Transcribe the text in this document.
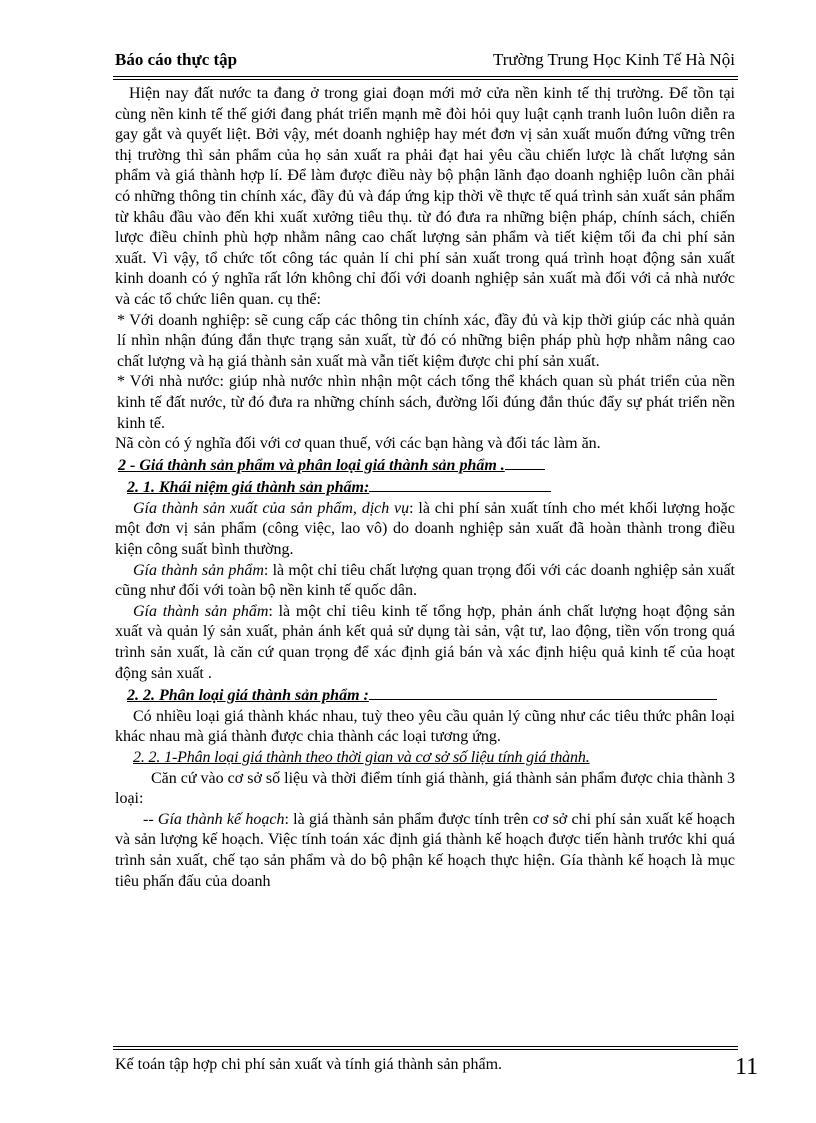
Báo cáo thực tập	Trường Trung Học Kinh Tế Hà Nội

Hiện nay đất nước ta đang ở trong giai đoạn mới mở cửa nền kinh tế thị trường. Để tồn tại cùng nền kinh tế thế giới đang phát triển mạnh mẽ đòi hỏi quy luật cạnh tranh luôn luôn diễn ra gay gắt và quyết liệt. Bởi vậy, mét doanh nghiệp hay mét đơn vị sản xuất muốn đứng vững trên thị trường thì sản phẩm của họ sản xuất ra phải đạt hai yêu cầu chiến lược là chất lượng sản phẩm và giá thành hợp lí. Để làm được điều này bộ phận lãnh đạo doanh nghiệp luôn cần phải có những thông tin chính xác, đầy đủ và đáp ứng kịp thời về thực tế quá trình sản xuất sản phẩm từ khâu đầu vào đến khi xuất xưởng tiêu thụ. từ đó đưa ra những biện pháp, chính sách, chiến lược điều chỉnh phù hợp nhằm nâng cao chất lượng sản phẩm và tiết kiệm tối đa chi phí sản xuất. Vì vậy, tổ chức tốt công tác quản lí chi phí sản xuất trong quá trình hoạt động sản xuất kinh doanh có ý nghĩa rất lớn không chỉ đối với doanh nghiệp sản xuất mà đối với cả nhà nước và các tổ chức liên quan. cụ thể:

* Với doanh nghiệp: sẽ cung cấp các thông tin chính xác, đầy đủ và kịp thời giúp các nhà quản lí nhìn nhận đúng đắn thực trạng sản xuất, từ đó có những biện pháp phù hợp nhằm nâng cao chất lượng và hạ giá thành sản xuất mà vẫn tiết kiệm được chi phí sản xuất.

* Với nhà nước: giúp nhà nước nhìn nhận một cách tổng thể khách quan sù phát triển của nền kinh tế đất nước, từ đó đưa ra những chính sách, đường lối đúng đắn thúc đẩy sự phát triển nền kinh tế.

Nã còn có ý nghĩa đối với cơ quan thuế, với các bạn hàng và đối tác làm ăn.

2 - Giá thành sản phẩm và phân loại giá thành sản phẩm .

2. 1. Khái niệm giá thành sản phẩm:

Gía thành sản xuất của sản phẩm, dịch vụ: là chi phí sản xuất tính cho mét khối lượng hoặc một đơn vị sản phẩm (công việc, lao vô) do doanh nghiệp sản xuất đã hoàn thành trong điều kiện công suất bình thường.

Gía thành sản phẩm: là một chỉ tiêu chất lượng quan trọng đối với các doanh nghiệp sản xuất cũng như đối với toàn bộ nền kinh tế quốc dân.

Gía thành sản phẩm: là một chỉ tiêu kinh tế tổng hợp, phản ánh chất lượng hoạt động sản xuất và quản lý sản xuất, phản ánh kết quả sử dụng tài sản, vật tư, lao động, tiền vốn trong quá trình sản xuất, là căn cứ quan trọng để xác định giá bán và xác định hiệu quả kinh tế của hoạt động sản xuất .

2. 2. Phân loại giá thành sản phẩm :

Có nhiều loại giá thành khác nhau, tuỳ theo yêu cầu quản lý cũng như các tiêu thức phân loại khác nhau mà giá thành được chia thành các loại tương ứng.

2. 2. 1-Phân loại giá thành theo thời gian và cơ sở số liệu tính giá thành.

Căn cứ vào cơ sở số liệu và thời điểm tính giá thành, giá thành sản phẩm được chia thành 3 loại:

-- Gía thành kế hoạch: là giá thành sản phẩm được tính trên cơ sở chi phí sản xuất kế hoạch và sản lượng kế hoạch. Việc tính toán xác định giá thành kế hoạch được tiến hành trước khi quá trình sản xuất, chế tạo sản phẩm và do bộ phận kế hoạch thực hiện. Gía thành kế hoạch là mục tiêu phấn đấu của doanh

Kế toán tập hợp chi phí sản xuất và tính giá thành sản phẩm.	11
